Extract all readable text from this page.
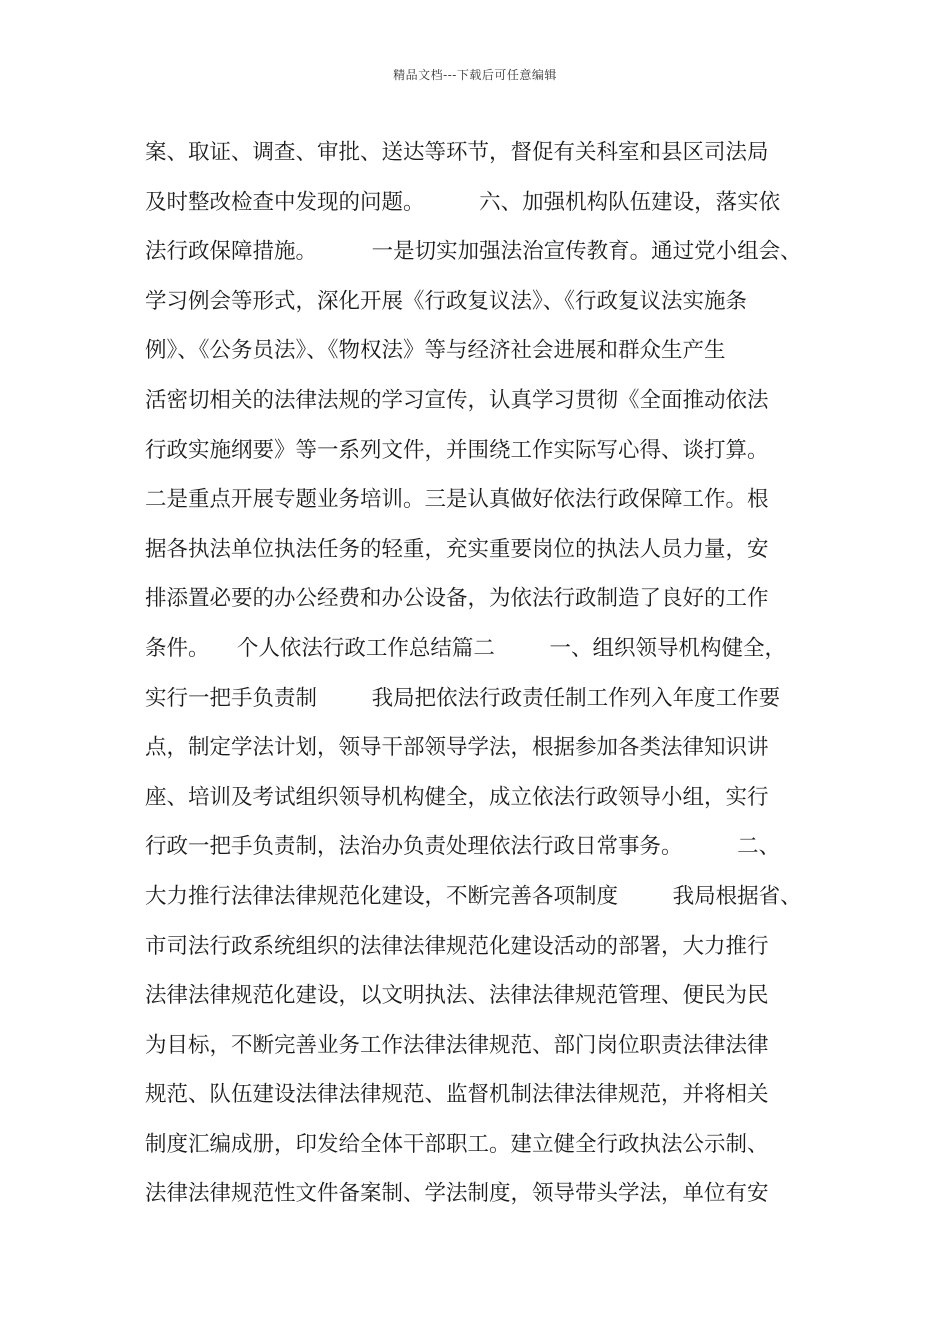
精品文档---下载后可任意编辑
案、取证、调查、审批、送达等环节，督促有关科室和县区司法局
及时整改检查中发现的问题。        六、加强机构队伍建设，落实依
法行政保障措施。        一是切实加强法治宣传教育。通过党小组会、
学习例会等形式，深化开展《行政复议法》、《行政复议法实施条
例》、《公务员法》、《物权法》等与经济社会进展和群众生产生
活密切相关的法律法规的学习宣传，认真学习贯彻《全面推动依法
行政实施纲要》等一系列文件，并围绕工作实际写心得、谈打算。
二是重点开展专题业务培训。三是认真做好依法行政保障工作。根
据各执法单位执法任务的轻重，充实重要岗位的执法人员力量，安
排添置必要的办公经费和办公设备，为依法行政制造了良好的工作
条件。    个人依法行政工作总结篇二        一、组织领导机构健全，
实行一把手负责制        我局把依法行政责任制工作列入年度工作要
点，制定学法计划，领导干部领导学法，根据参加各类法律知识讲
座、培训及考试组织领导机构健全，成立依法行政领导小组，实行
行政一把手负责制，法治办负责处理依法行政日常事务。        二、
大力推行法律法律规范化建设，不断完善各项制度        我局根据省、
市司法行政系统组织的法律法律规范化建设活动的部署，大力推行
法律法律规范化建设，以文明执法、法律法律规范管理、便民为民
为目标，不断完善业务工作法律法律规范、部门岗位职责法律法律
规范、队伍建设法律法律规范、监督机制法律法律规范，并将相关
制度汇编成册，印发给全体干部职工。建立健全行政执法公示制、
法律法律规范性文件备案制、学法制度，领导带头学法，单位有安
